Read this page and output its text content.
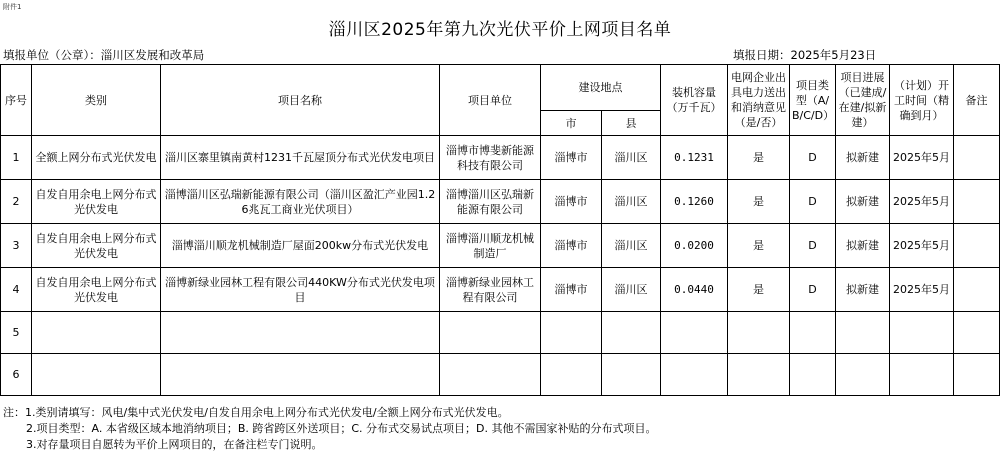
附件1
淄川区2025年第九次光伏平价上网项目名单
填报单位（公章）：淄川区发展和改革局	填报日期：2025年5月23日
序号	类别	项目名称	项目单位	建设地点		装机容量（万千瓦）	电网企业出具电力送出和消纳意见（是/否）	项目类型（A/B/C/D）	项目进展（已建成/在建/拟新建）	（计划）开工时间（精确到月）	备注
				市	县						
1	全额上网分布式光伏发电	淄川区寨里镇南黄村1231千瓦屋顶分布式光伏发电项目	淄博市博斐新能源科技有限公司	淄博市	淄川区	0.1231	是	D	拟新建	2025年5月	
2	自发自用余电上网分布式光伏发电	淄博淄川区弘瑞新能源有限公司（淄川区盈汇产业园1.26兆瓦工商业光伏项目）	淄博淄川区弘瑞新能源有限公司	淄博市	淄川区	0.1260	是	D	拟新建	2025年5月	
3	自发自用余电上网分布式光伏发电	淄博淄川顺龙机械制造厂屋面200kw分布式光伏发电	淄博淄川顺龙机械制造厂	淄博市	淄川区	0.0200	是	D	拟新建	2025年5月	
4	自发自用余电上网分布式光伏发电	淄博新绿业园林工程有限公司440KW分布式光伏发电项目	淄博新绿业园林工程有限公司	淄博市	淄川区	0.0440	是	D	拟新建	2025年5月	
5											
6											
注：1.类别请填写：风电/集中式光伏发电/自发自用余电上网分布式光伏发电/全额上网分布式光伏发电。
2.项目类型：A. 本省级区域本地消纳项目；B. 跨省跨区外送项目；C. 分布式交易试点项目；D. 其他不需国家补贴的分布式项目。
3.对存量项目自愿转为平价上网项目的，在备注栏专门说明。
